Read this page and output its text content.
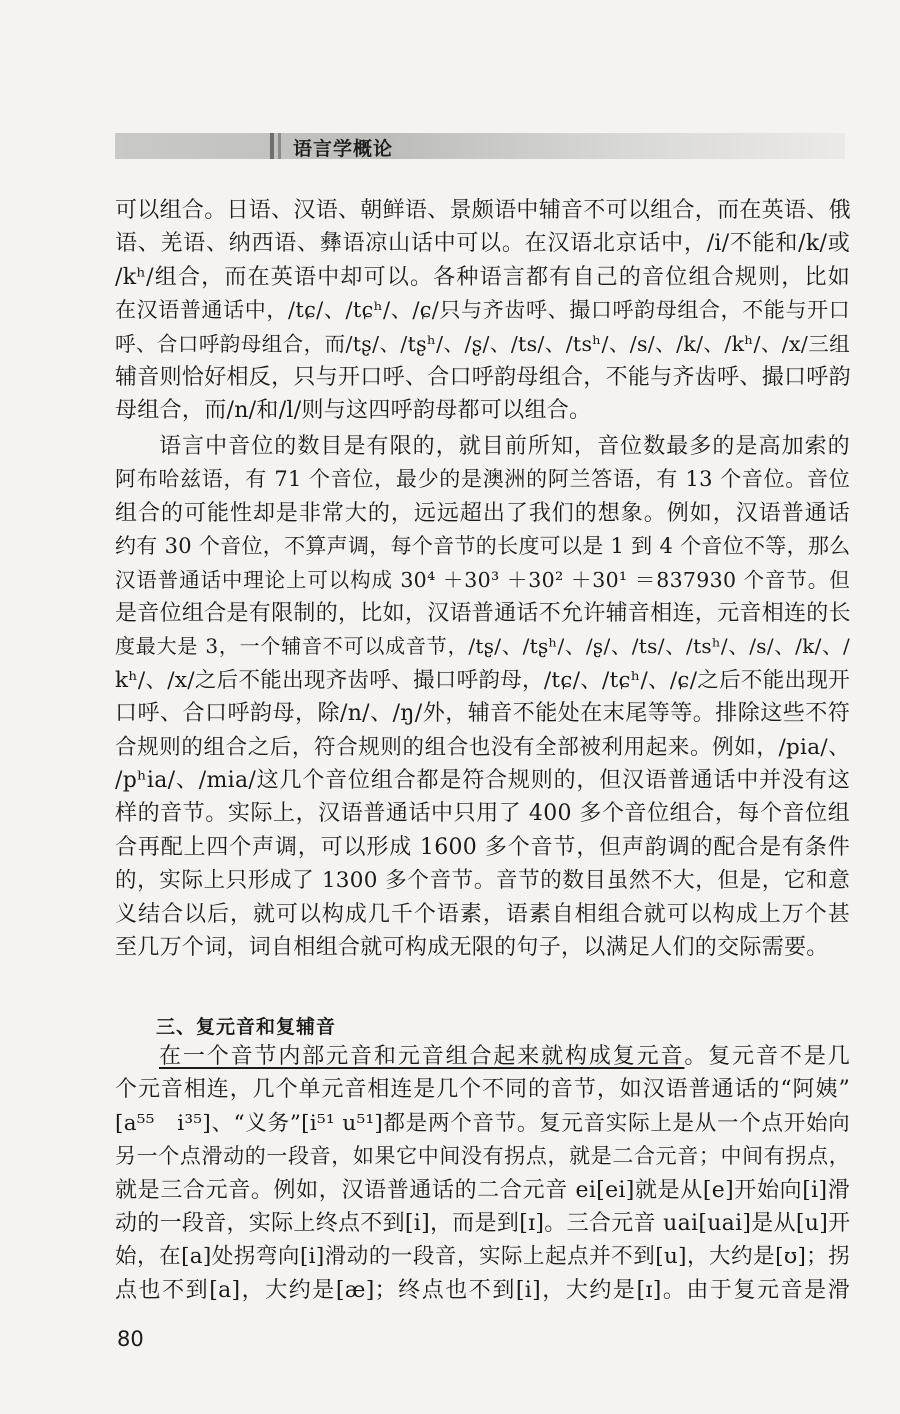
语言学概论
可以组合。日语、汉语、朝鲜语、景颇语中辅音不可以组合，而在英语、俄
语、羌语、纳西语、彝语凉山话中可以。在汉语北京话中，/i/不能和/k/或
/kʰ/组合，而在英语中却可以。各种语言都有自己的音位组合规则，比如
在汉语普通话中，/tɕ/、/tɕʰ/、/ɕ/只与齐齿呼、撮口呼韵母组合，不能与开口
呼、合口呼韵母组合，而/tʂ/、/tʂʰ/、/ʂ/、/ts/、/tsʰ/、/s/、/k/、/kʰ/、/x/三组
辅音则恰好相反，只与开口呼、合口呼韵母组合，不能与齐齿呼、撮口呼韵
母组合，而/n/和/l/则与这四呼韵母都可以组合。
语言中音位的数目是有限的，就目前所知，音位数最多的是高加索的
阿布哈兹语，有 71 个音位，最少的是澳洲的阿兰答语，有 13 个音位。音位
组合的可能性却是非常大的，远远超出了我们的想象。例如，汉语普通话
约有 30 个音位，不算声调，每个音节的长度可以是 1 到 4 个音位不等，那么
汉语普通话中理论上可以构成 30⁴ ＋30³ ＋30² ＋30¹ ＝837930 个音节。但
是音位组合是有限制的，比如，汉语普通话不允许辅音相连，元音相连的长
度最大是 3，一个辅音不可以成音节，/tʂ/、/tʂʰ/、/ʂ/、/ts/、/tsʰ/、/s/、/k/、/
kʰ/、/x/之后不能出现齐齿呼、撮口呼韵母，/tɕ/、/tɕʰ/、/ɕ/之后不能出现开
口呼、合口呼韵母，除/n/、/ŋ/外，辅音不能处在末尾等等。排除这些不符
合规则的组合之后，符合规则的组合也没有全部被利用起来。例如，/pia/、
/pʰia/、/mia/这几个音位组合都是符合规则的，但汉语普通话中并没有这
样的音节。实际上，汉语普通话中只用了 400 多个音位组合，每个音位组
合再配上四个声调，可以形成 1600 多个音节，但声韵调的配合是有条件
的，实际上只形成了 1300 多个音节。音节的数目虽然不大，但是，它和意
义结合以后，就可以构成几千个语素，语素自相组合就可以构成上万个甚
至几万个词，词自相组合就可构成无限的句子，以满足人们的交际需要。
三、复元音和复辅音
在一个音节内部元音和元音组合起来就构成复元音。复元音不是几
个元音相连，几个单元音相连是几个不同的音节，如汉语普通话的“阿姨”
[a⁵⁵　i³⁵]、“义务”[i⁵¹ u⁵¹]都是两个音节。复元音实际上是从一个点开始向
另一个点滑动的一段音，如果它中间没有拐点，就是二合元音；中间有拐点，
就是三合元音。例如，汉语普通话的二合元音 ei[ei]就是从[e]开始向[i]滑
动的一段音，实际上终点不到[i]，而是到[ɪ]。三合元音 uai[uai]是从[u]开
始，在[a]处拐弯向[i]滑动的一段音，实际上起点并不到[u]，大约是[ʊ]；拐
点也不到[a]，大约是[æ]；终点也不到[i]，大约是[ɪ]。由于复元音是滑
80
